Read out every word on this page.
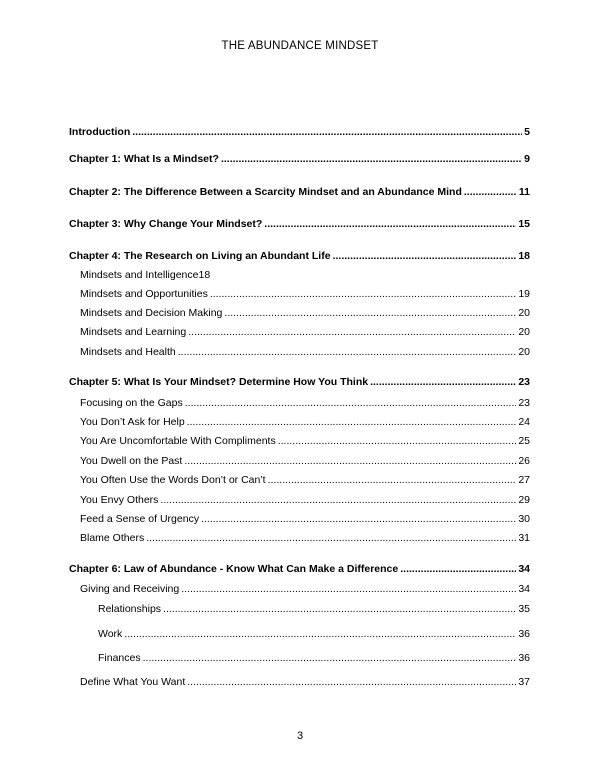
THE ABUNDANCE MINDSET
Introduction .....	5
Chapter 1: What Is a Mindset? .....	9
Chapter 2: The Difference Between a Scarcity Mindset and an Abundance Mind .....	11
Chapter 3: Why Change Your Mindset? .....	15
Chapter 4: The Research on Living an Abundant Life .....	18
Mindsets and Intelligence18
Mindsets and Opportunities .....	19
Mindsets and Decision Making .....	20
Mindsets and Learning .....	20
Mindsets and Health .....	20
Chapter 5: What Is Your Mindset? Determine How You Think .....	23
Focusing on the Gaps .....	23
You Don’t Ask for Help .....	24
You Are Uncomfortable With Compliments .....	25
You Dwell on the Past .....	26
You Often Use the Words Don’t or Can’t .....	27
You Envy Others .....	29
Feed a Sense of Urgency .....	30
Blame Others .....	31
Chapter 6: Law of Abundance - Know What Can Make a Difference .....	34
Giving and Receiving .....	34
Relationships .....	35
Work .....	36
Finances .....	36
Define What You Want .....	37
3
